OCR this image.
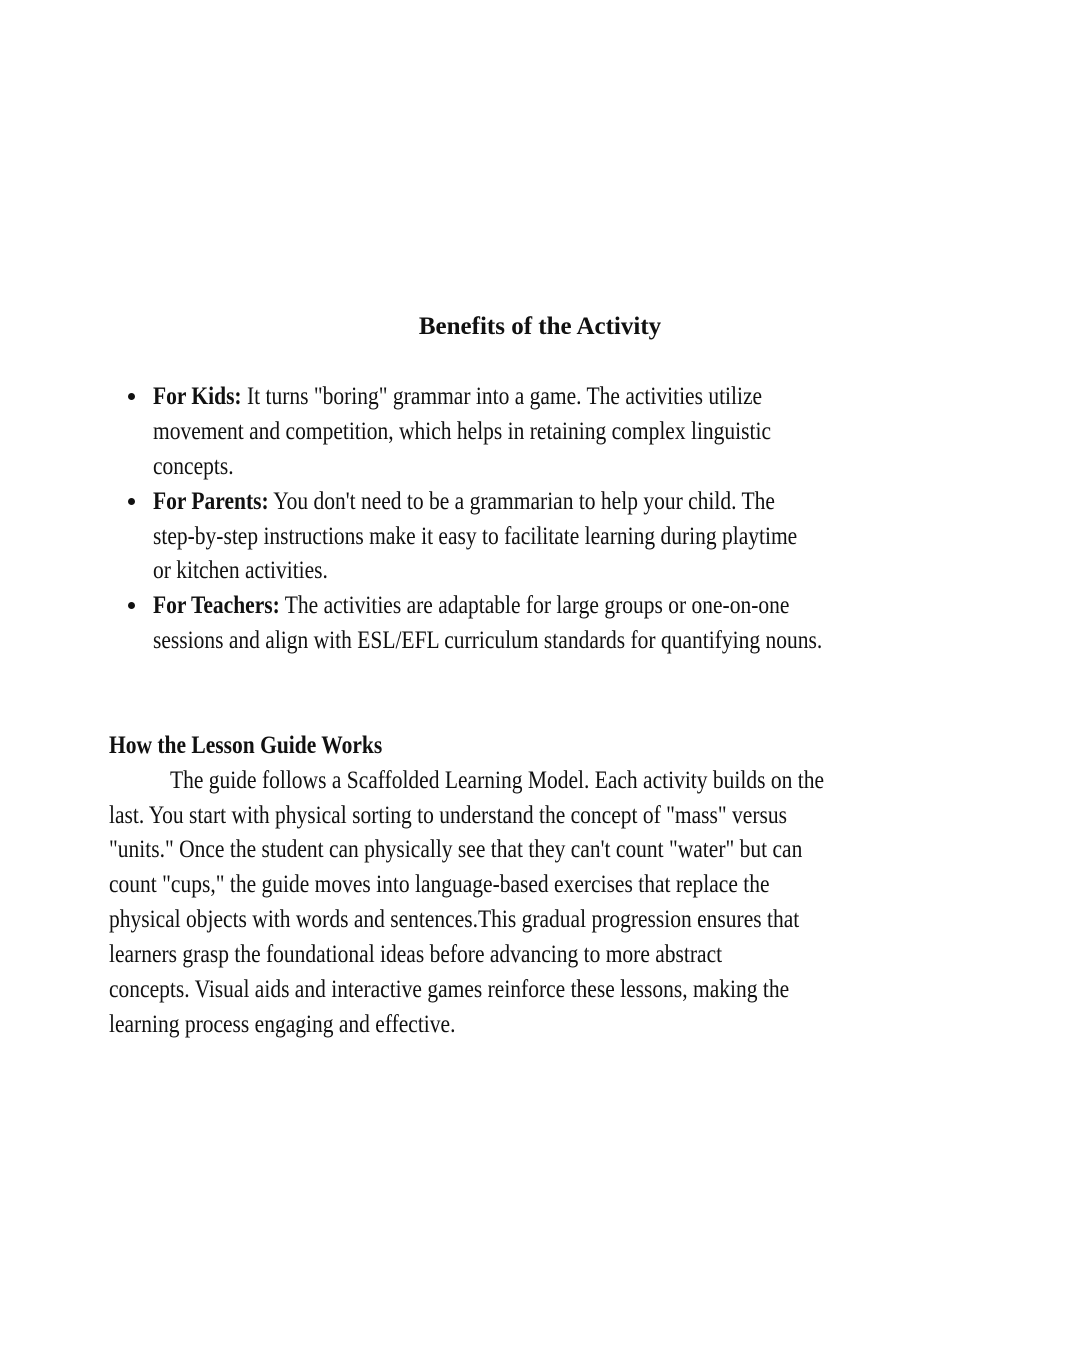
Benefits of the Activity
For Kids: It turns "boring" grammar into a game. The activities utilize
movement and competition, which helps in retaining complex linguistic
concepts.
For Parents: You don't need to be a grammarian to help your child. The
step-by-step instructions make it easy to facilitate learning during playtime
or kitchen activities.
For Teachers: The activities are adaptable for large groups or one-on-one
sessions and align with ESL/EFL curriculum standards for quantifying nouns.
How the Lesson Guide Works
The guide follows a Scaffolded Learning Model. Each activity builds on the
last. You start with physical sorting to understand the concept of "mass" versus
"units." Once the student can physically see that they can't count "water" but can
count "cups," the guide moves into language-based exercises that replace the
physical objects with words and sentences.This gradual progression ensures that
learners grasp the foundational ideas before advancing to more abstract
concepts. Visual aids and interactive games reinforce these lessons, making the
learning process engaging and effective.
